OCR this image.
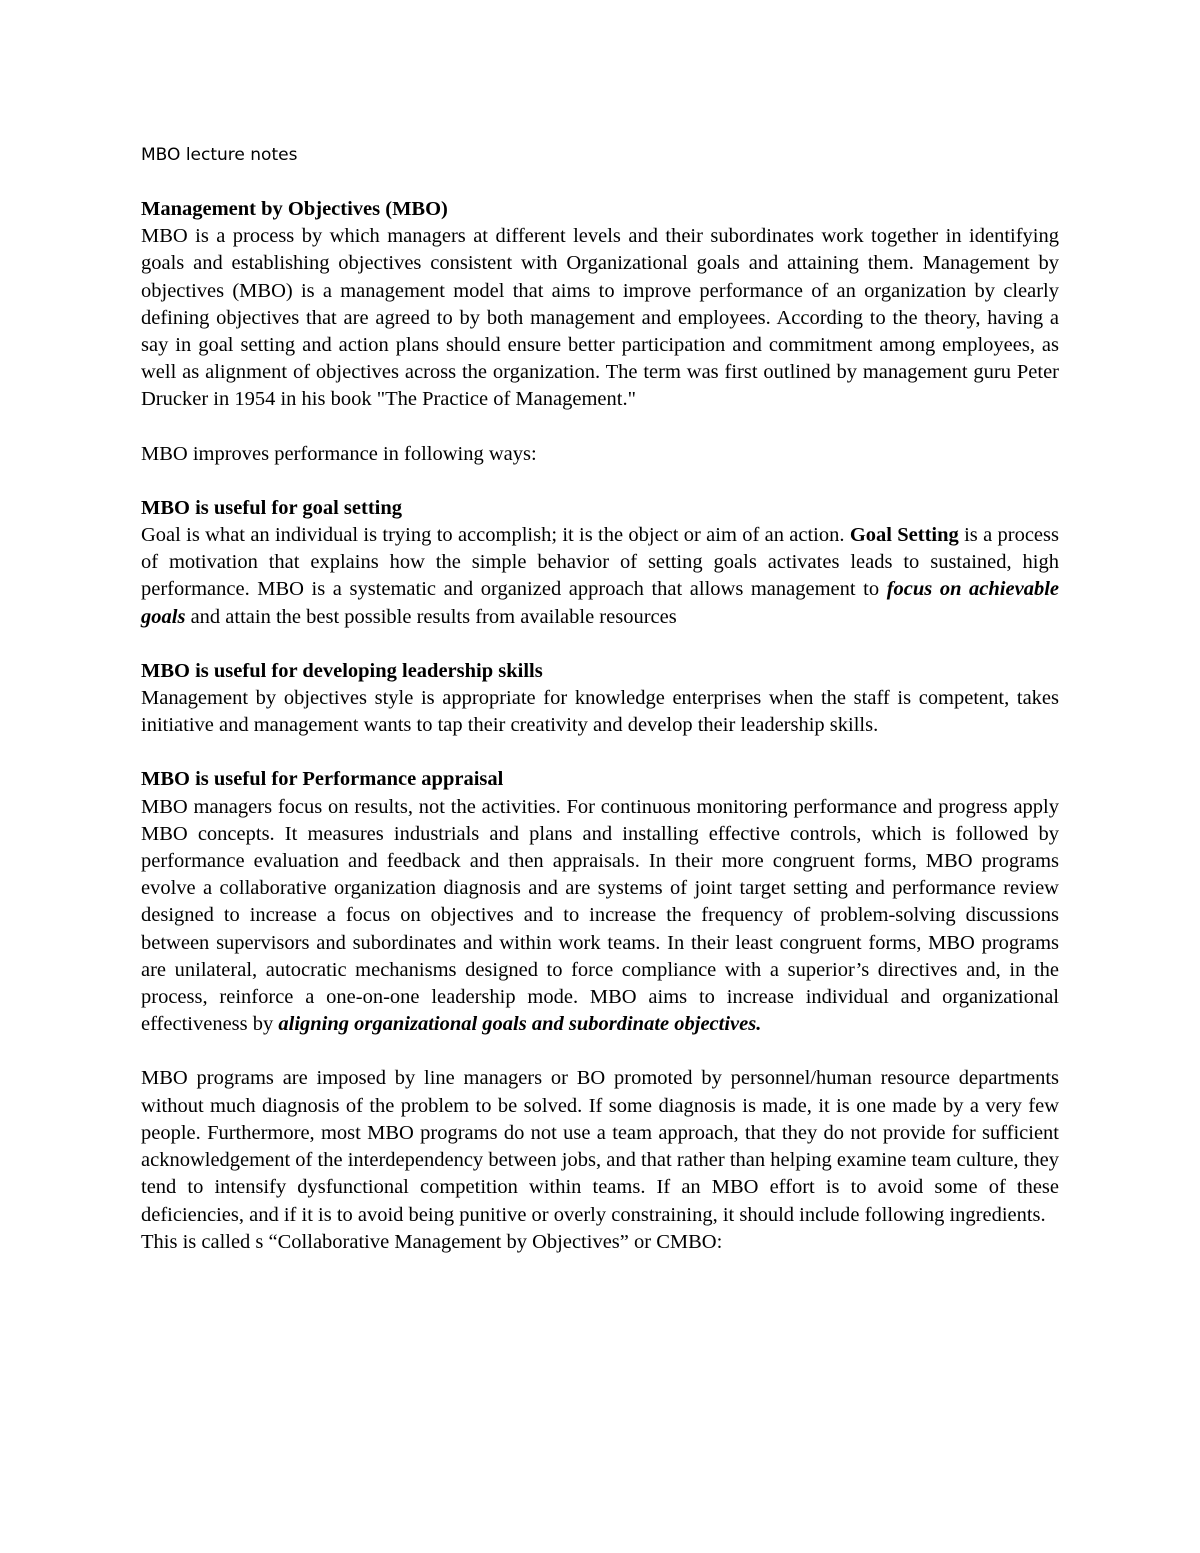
MBO lecture notes

Management by Objectives (MBO)

MBO is a process by which managers at different levels and their subordinates work together in identifying goals and establishing objectives consistent with Organizational goals and attaining them. Management by objectives (MBO) is a management model that aims to improve performance of an organization by clearly defining objectives that are agreed to by both management and employees. According to the theory, having a say in goal setting and action plans should ensure better participation and commitment among employees, as well as alignment of objectives across the organization. The term was first outlined by management guru Peter Drucker in 1954 in his book "The Practice of Management."

MBO improves performance in following ways:

MBO is useful for goal setting

Goal is what an individual is trying to accomplish; it is the object or aim of an action. Goal Setting is a process of motivation that explains how the simple behavior of setting goals activates leads to sustained, high performance. MBO is a systematic and organized approach that allows management to focus on achievable goals and attain the best possible results from available resources

MBO is useful for developing leadership skills

Management by objectives style is appropriate for knowledge enterprises when the staff is competent, takes initiative and management wants to tap their creativity and develop their leadership skills.

MBO is useful for Performance appraisal

MBO managers focus on results, not the activities. For continuous monitoring performance and progress apply MBO concepts. It measures industrials and plans and installing effective controls, which is followed by performance evaluation and feedback and then appraisals. In their more congruent forms, MBO programs evolve a collaborative organization diagnosis and are systems of joint target setting and performance review designed to increase a focus on objectives and to increase the frequency of problem-solving discussions between supervisors and subordinates and within work teams. In their least congruent forms, MBO programs are unilateral, autocratic mechanisms designed to force compliance with a superior’s directives and, in the process, reinforce a one-on-one leadership mode. MBO aims to increase individual and organizational effectiveness by aligning organizational goals and subordinate objectives.

MBO programs are imposed by line managers or BO promoted by personnel/human resource departments without much diagnosis of the problem to be solved. If some diagnosis is made, it is one made by a very few people. Furthermore, most MBO programs do not use a team approach, that they do not provide for sufficient acknowledgement of the interdependency between jobs, and that rather than helping examine team culture, they tend to intensify dysfunctional competition within teams. If an MBO effort is to avoid some of these deficiencies, and if it is to avoid being punitive or overly constraining, it should include following ingredients.

This is called s “Collaborative Management by Objectives” or CMBO:
